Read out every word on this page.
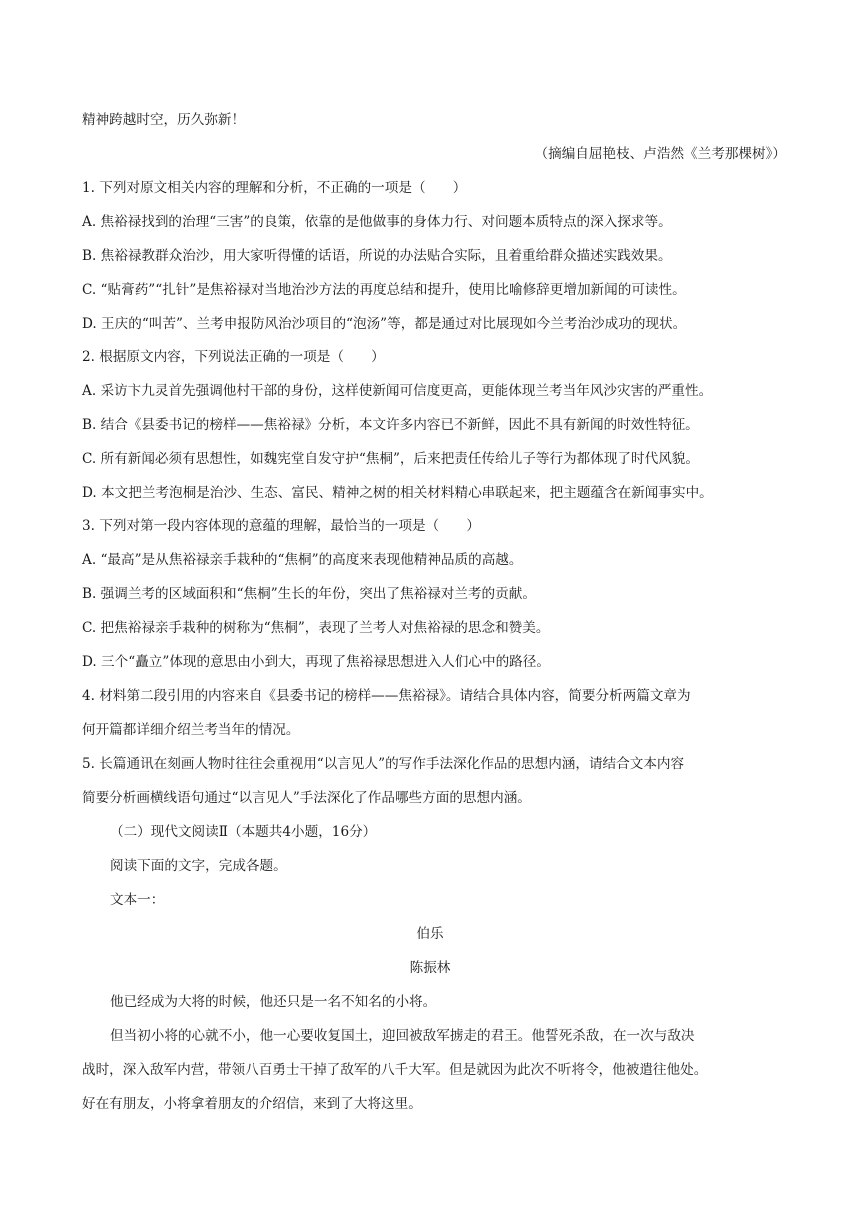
精神跨越时空，历久弥新！
（摘编自屈艳枝、卢浩然《兰考那棵树》）
1. 下列对原文相关内容的理解和分析，不正确的一项是（　　）
A. 焦裕禄找到的治理“三害”的良策，依靠的是他做事的身体力行、对问题本质特点的深入探求等。
B. 焦裕禄教群众治沙，用大家听得懂的话语，所说的办法贴合实际，且着重给群众描述实践效果。
C. “贴膏药”“扎针”是焦裕禄对当地治沙方法的再度总结和提升，使用比喻修辞更增加新闻的可读性。
D. 王庆的“叫苦”、兰考申报防风治沙项目的“泡汤”等，都是通过对比展现如今兰考治沙成功的现状。
2. 根据原文内容，下列说法正确的一项是（　　）
A. 采访卞九灵首先强调他村干部的身份，这样使新闻可信度更高，更能体现兰考当年风沙灾害的严重性。
B. 结合《县委书记的榜样——焦裕禄》分析，本文许多内容已不新鲜，因此不具有新闻的时效性特征。
C. 所有新闻必须有思想性，如魏宪堂自发守护“焦桐”，后来把责任传给儿子等行为都体现了时代风貌。
D. 本文把兰考泡桐是治沙、生态、富民、精神之树的相关材料精心串联起来，把主题蕴含在新闻事实中。
3. 下列对第一段内容体现的意蕴的理解，最恰当的一项是（　　）
A. “最高”是从焦裕禄亲手栽种的“焦桐”的高度来表现他精神品质的高越。
B. 强调兰考的区域面积和“焦桐”生长的年份，突出了焦裕禄对兰考的贡献。
C. 把焦裕禄亲手栽种的树称为“焦桐”，表现了兰考人对焦裕禄的思念和赞美。
D. 三个“矗立”体现的意思由小到大，再现了焦裕禄思想进入人们心中的路径。
4. 材料第二段引用的内容来自《县委书记的榜样——焦裕禄》。请结合具体内容，简要分析两篇文章为
何开篇都详细介绍兰考当年的情况。
5. 长篇通讯在刻画人物时往往会重视用“以言见人”的写作手法深化作品的思想内涵，请结合文本内容
简要分析画横线语句通过“以言见人”手法深化了作品哪些方面的思想内涵。
（二）现代文阅读Ⅱ（本题共4小题，16分）
阅读下面的文字，完成各题。
文本一：
伯乐
陈振林
他已经成为大将的时候，他还只是一名不知名的小将。
但当初小将的心就不小，他一心要收复国土，迎回被敌军掳走的君王。他誓死杀敌，在一次与敌决
战时，深入敌军内营，带领八百勇士干掉了敌军的八千大军。但是就因为此次不听将令，他被遣往他处。
好在有朋友，小将拿着朋友的介绍信，来到了大将这里。
